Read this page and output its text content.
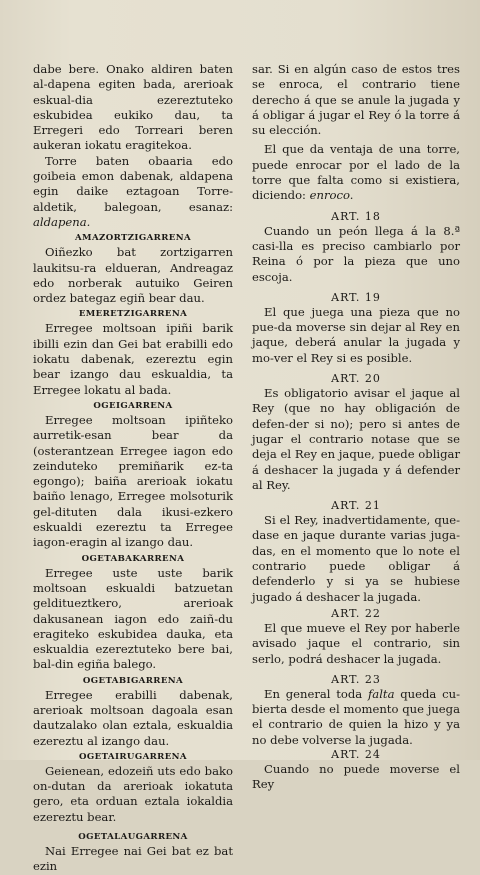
dabe bere. Onako aldiren baten al-dapena egiten bada, arerioak eskual-dia ezereztuteko eskubidea eukiko dau, ta Erregeri edo Torreari beren aukeran iokatu eragitekoa.

Torre baten obaaria edo goibeia emon dabenak, aldapena egin daike eztagoan Torre-aldetik, balegoan, esanaz: aldapena.

AMAZORTZIGARRENA

Oiñezko bat zortzigarren laukitsu-ra eldueran, Andreagaz edo norberak autuiko Geiren ordez bategaz egiñ bear dau.

EMERETZIGARRENA

Erregee moltsoan ipiñi barik ibilli ezin dan Gei bat erabilli edo iokatu dabenak, ezereztu egin bear izango dau eskualdia, ta Erregee lokatu al bada.

OGEIGARRENA

Erregee moltsoan ipiñteko aurretik-esan bear da (osterantzean Erregee iagon edo zeinduteko premiñarik ez-ta egongo); baiña arerioak iokatu baiño lenago, Erregee molsoturik gel-dituten dala ikusi-ezkero eskualdi ezereztu ta Erregee iagon-eragin al izango dau.

OGETABAKARRENA

Erregee uste uste barik moltsoan eskualdi batzuetan gelditueztkero, arerioak dakusanean iagon edo zaiñ-du eragiteko eskubidea dauka, eta eskualdia ezereztuteko bere bai, bal-din egiña balego.

OGETABIGARRENA

Erregee erabilli dabenak, arerioak moltsoan dagoala esan dautzalako olan eztala, eskualdia ezereztu al izango dau.

OGETAIRUGARRENA

Geienean, edozeiñ uts edo bako on-dutan da arerioak iokatuta gero, eta orduan eztala iokaldia ezereztu bear.

OGETALAUGARRENA

Nai Erregee nai Gei bat ez bat ezin

sar. Si en algún caso de estos tres se enroca, el contrario tiene derecho á que se anule la jugada y á obligar á jugar el Rey ó la torre á su elección.

El que da ventaja de una torre, puede enrocar por el lado de la torre que falta como si existiera, diciendo: enroco.

ART. 18

Cuando un peón llega á la 8.ª casi-lla es preciso cambiarlo por Reina ó por la pieza que uno escoja.

ART. 19

El que juega una pieza que no pue-da moverse sin dejar al Rey en jaque, deberá anular la jugada y mo-ver el Rey si es posible.

ART. 20

Es obligatorio avisar el jaque al Rey (que no hay obligación de defen-der si no); pero si antes de jugar el contrario notase que se deja el Rey en jaque, puede obligar á deshacer la jugada y á defender al Rey.

ART. 21

Si el Rey, inadvertidamente, que-dase en jaque durante varias juga-das, en el momento que lo note el contrario puede obligar á defenderlo y si ya se hubiese jugado á deshacer la jugada.

ART. 22

El que mueve el Rey por haberle avisado jaque el contrario, sin serlo, podrá deshacer la jugada.

ART. 23

En general toda falta queda cu-bierta desde el momento que juega el contrario de quien la hizo y ya no debe volverse la jugada.

ART. 24

Cuando no puede moverse el Rey
